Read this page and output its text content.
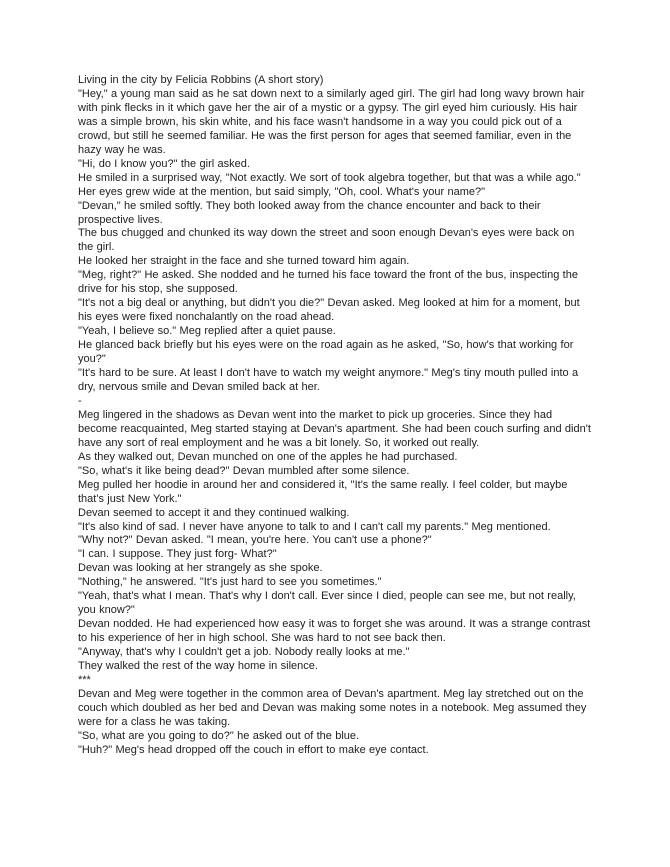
Living in the city by Felicia Robbins (A short story)

"Hey," a young man said as he sat down next to a similarly aged girl. The girl had long wavy brown hair with pink flecks in it which gave her the air of a mystic or a gypsy. The girl eyed him curiously. His hair was a simple brown, his skin white, and his face wasn't handsome in a way you could pick out of a crowd, but still he seemed familiar. He was the first person for ages that seemed familiar, even in the hazy way he was.

"Hi, do I know you?" the girl asked.

He smiled in a surprised way, "Not exactly. We sort of took algebra together, but that was a while ago."

Her eyes grew wide at the mention, but said simply, "Oh, cool. What's your name?"

"Devan," he smiled softly. They both looked away from the chance encounter and back to their prospective lives.

The bus chugged and chunked its way down the street and soon enough Devan's eyes were back on the girl.

He looked her straight in the face and she turned toward him again.

"Meg, right?" He asked. She nodded and he turned his face toward the front of the bus, inspecting the drive for his stop, she supposed.

"It's not a big deal or anything, but didn't you die?" Devan asked. Meg looked at him for a moment, but his eyes were fixed nonchalantly on the road ahead.

"Yeah, I believe so." Meg replied after a quiet pause.

He glanced back briefly but his eyes were on the road again as he asked, "So, how's that working for you?"

"It's hard to be sure. At least I don't have to watch my weight anymore." Meg's tiny mouth pulled into a dry, nervous smile and Devan smiled back at her.

-

Meg lingered in the shadows as Devan went into the market to pick up groceries. Since they had become reacquainted, Meg started staying at Devan's apartment. She had been couch surfing and didn't have any sort of real employment and he was a bit lonely. So, it worked out really.

As they walked out, Devan munched on one of the apples he had purchased.

"So, what's it like being dead?" Devan mumbled after some silence.

Meg pulled her hoodie in around her and considered it, "It's the same really. I feel colder, but maybe that's just New York."

Devan seemed to accept it and they continued walking.

"It's also kind of sad. I never have anyone to talk to and I can't call my parents." Meg mentioned.

"Why not?" Devan asked. "I mean, you're here. You can't use a phone?"

"I can. I suppose. They just forg- What?"

Devan was looking at her strangely as she spoke.

"Nothing," he answered. "It's just hard to see you sometimes."

"Yeah, that's what I mean. That's why I don't call. Ever since I died, people can see me, but not really, you know?"

Devan nodded. He had experienced how easy it was to forget she was around. It was a strange contrast to his experience of her in high school. She was hard to not see back then.

"Anyway, that's why I couldn't get a job. Nobody really looks at me."

They walked the rest of the way home in silence.

***

Devan and Meg were together in the common area of Devan's apartment. Meg lay stretched out on the couch which doubled as her bed and Devan was making some notes in a notebook. Meg assumed they were for a class he was taking.

"So, what are you going to do?" he asked out of the blue.

"Huh?" Meg's head dropped off the couch in effort to make eye contact.
